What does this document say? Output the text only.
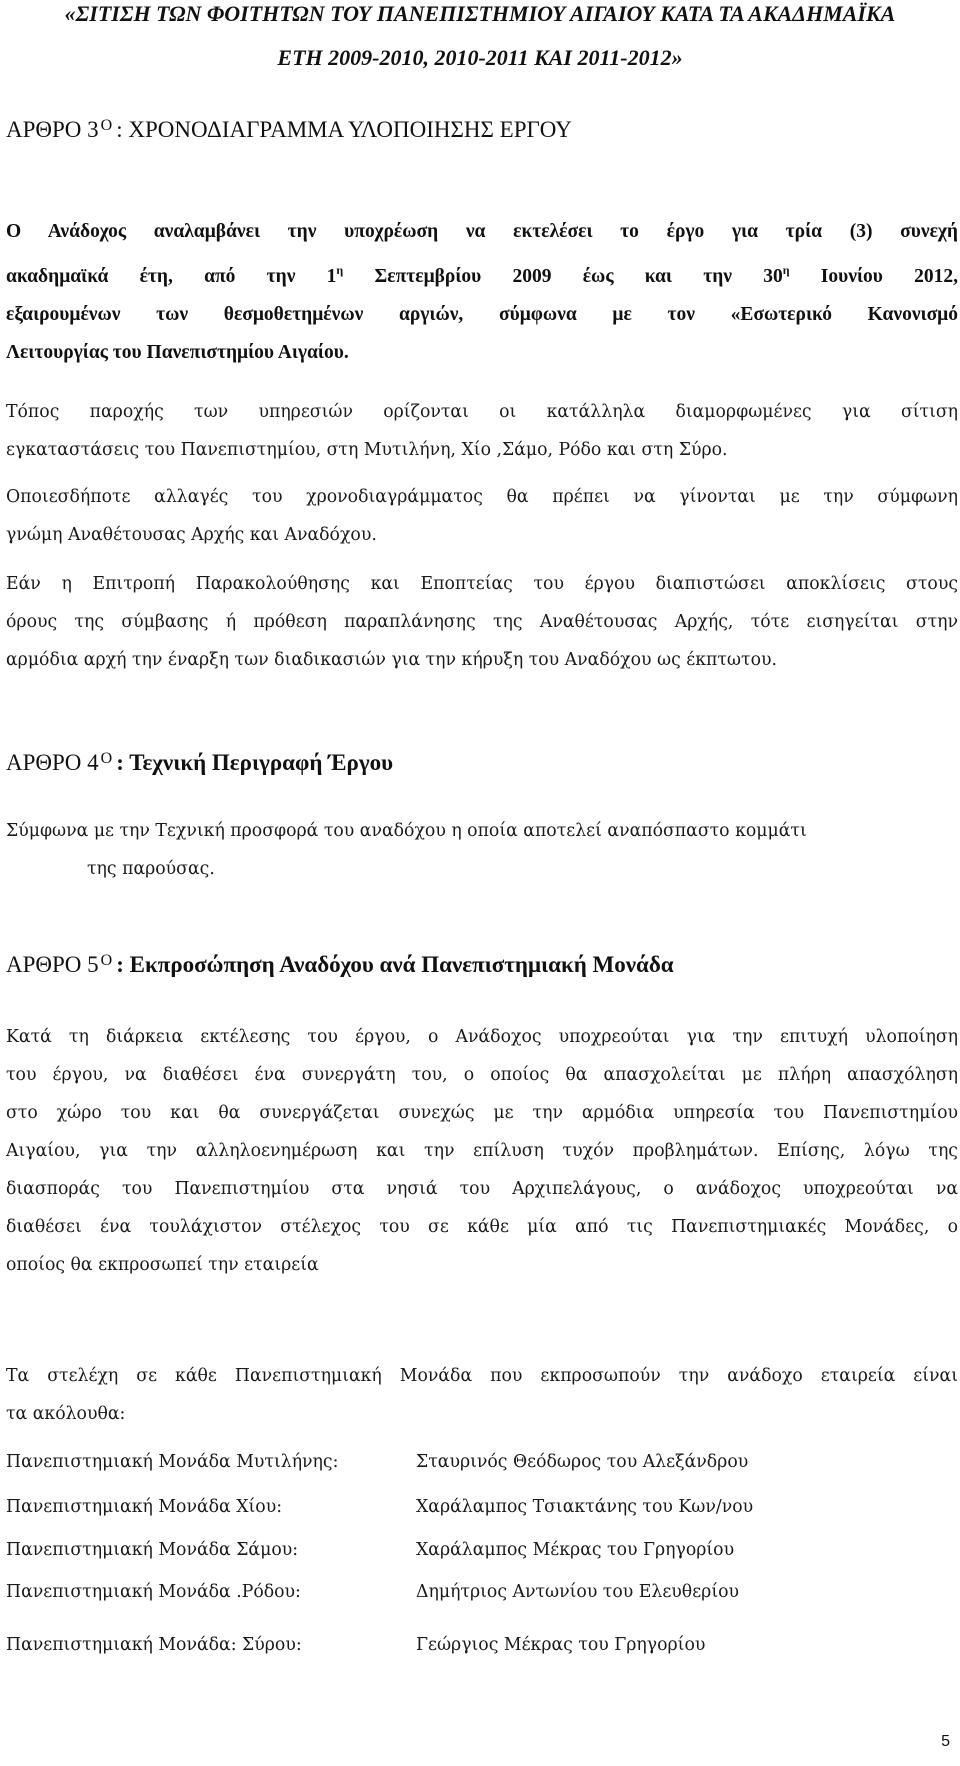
«ΣΙΤΙΣΗ ΤΩΝ ΦΟΙΤΗΤΩΝ ΤΟΥ ΠΑΝΕΠΙΣΤΗΜΙΟΥ ΑΙΓΑΙΟΥ ΚΑΤΑ ΤΑ ΑΚΑΔΗΜΑΪΚΑ
ΕΤΗ 2009-2010, 2010-2011 ΚΑΙ 2011-2012»
ΑΡΘΡΟ 3 $^O$ : ΧΡΟΝΟΔΙΑΓΡΑΜΜΑ ΥΛΟΠΟΙΗΣΗΣ ΕΡΓΟΥ
Ο Ανάδοχος αναλαμβάνει την υποχρέωση να εκτελέσει το έργο για τρία (3) συνεχή
ακαδημαϊκά έτη, από την $1^\eta$ Σεπτεμβρίου 2009 έως και την $30^\eta$ Ιουνίου 2012,
εξαιρουμένων των θεσμοθετημένων αργιών, σύμφωνα με τον «Εσωτερικό Κανονισμό
Λειτουργίας του Πανεπιστημίου Αιγαίου.
Τόπος παροχής των υπηρεσιών ορίζονται οι κατάλληλα διαμορφωμένες για σίτιση
εγκαταστάσεις του Πανεπιστημίου, στη Μυτιλήνη, Χίο ,Σάμο, Ρόδο και στη Σύρο.
Οποιεσδήποτε αλλαγές του χρονοδιαγράμματος θα πρέπει να γίνονται με την σύμφωνη
γνώμη Αναθέτουσας Αρχής και Αναδόχου.
Εάν η Επιτροπή Παρακολούθησης και Εποπτείας του έργου διαπιστώσει αποκλίσεις στους
όρους της σύμβασης ή πρόθεση παραπλάνησης της Αναθέτουσας Αρχής, τότε εισηγείται στην
αρμόδια αρχή την έναρξη των διαδικασιών για την κήρυξη του Αναδόχου ως έκπτωτου.
ΑΡΘΡΟ 4 $^O$ : Τεχνική Περιγραφή Έργου
Σύμφωνα με την Τεχνική προσφορά του αναδόχου η οποία αποτελεί αναπόσπαστο κομμάτι
της παρούσας.
ΑΡΘΡΟ 5 $^O$ : Εκπροσώπηση Αναδόχου ανά Πανεπιστημιακή Μονάδα
Κατά τη διάρκεια εκτέλεσης του έργου, ο Ανάδοχος υποχρεούται για την επιτυχή υλοποίηση
του έργου, να διαθέσει ένα συνεργάτη του, ο οποίος θα απασχολείται με πλήρη απασχόληση
στο χώρο του και θα συνεργάζεται συνεχώς με την αρμόδια υπηρεσία του Πανεπιστημίου
Αιγαίου, για την αλληλοενημέρωση και την επίλυση τυχόν προβλημάτων. Επίσης, λόγω της
διασποράς του Πανεπιστημίου στα νησιά του Αρχιπελάγους, ο ανάδοχος υποχρεούται να
διαθέσει ένα τουλάχιστον στέλεχος του σε κάθε μία από τις Πανεπιστημιακές Μονάδες, ο
οποίος θα εκπροσωπεί την εταιρεία
Τα στελέχη σε κάθε Πανεπιστημιακή Μονάδα που εκπροσωπούν την ανάδοχο εταιρεία είναι
τα ακόλουθα:
Πανεπιστημιακή Μονάδα Μυτιλήνης:	Σταυρινός Θεόδωρος του Αλεξάνδρου
Πανεπιστημιακή Μονάδα Χίου:	Χαράλαμπος Τσιακτάνης του Κων/νου
Πανεπιστημιακή Μονάδα Σάμου:	Χαράλαμπος Μέκρας του Γρηγορίου
Πανεπιστημιακή Μονάδα .Ρόδου:	Δημήτριος Αντωνίου του Ελευθερίου
Πανεπιστημιακή Μονάδα: Σύρου:	Γεώργιος Μέκρας του Γρηγορίου
5
